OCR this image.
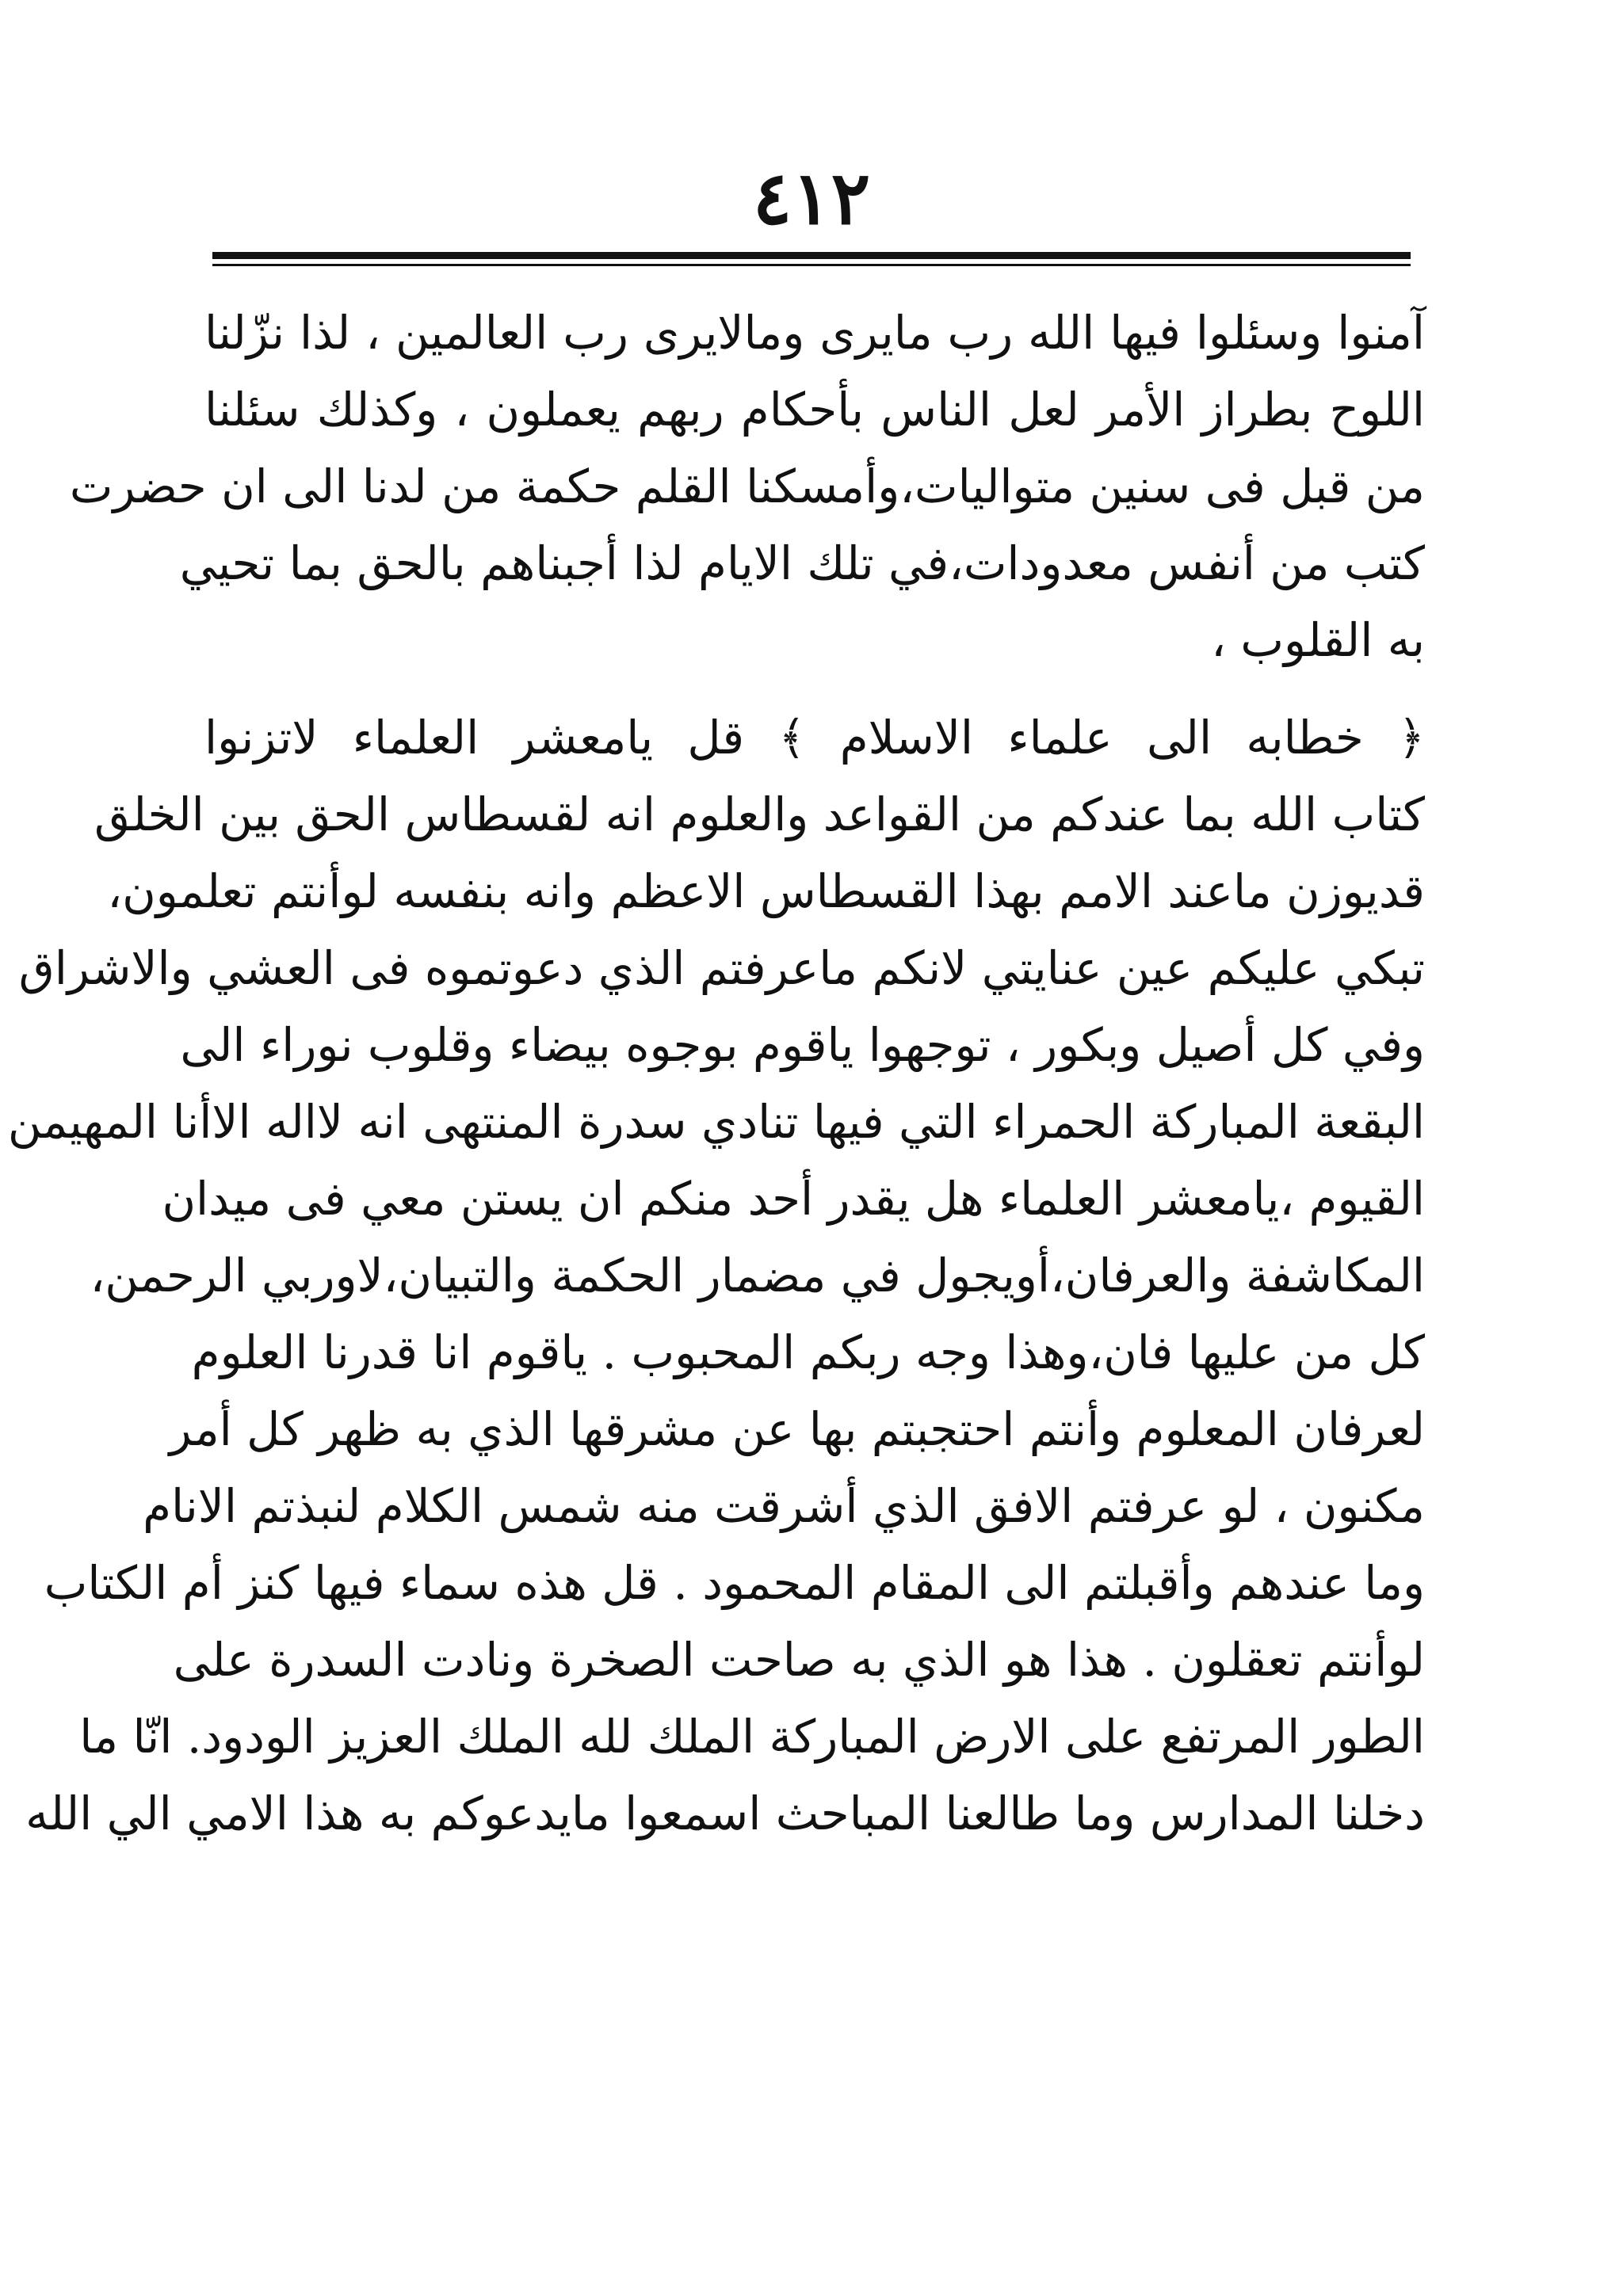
٤١٢
آمنوا وسئلوا فيها الله رب مايرى ومالايرى رب العالمين ، لذا نزّلنا
اللوح بطراز الأمر لعل الناس بأحكام ربهم يعملون ، وكذلك سئلنا
من قبل فى سنين متواليات،وأمسكنا القلم حكمة من لدنا الى ان حضرت
كتب من أنفس معدودات،في تلك الايام لذا أجبناهم بالحق بما تحيي
به القلوب ،
﴿ خطابه الى علماء الاسلام ﴾ قل يامعشر العلماء لاتزنوا
كتاب الله بما عندكم من القواعد والعلوم انه لقسطاس الحق بين الخلق
قديوزن ماعند الامم بهذا القسطاس الاعظم وانه بنفسه لوأنتم تعلمون،
تبكي عليكم عين عنايتي لانكم ماعرفتم الذي دعوتموه فى العشي والاشراق
وفي كل أصيل وبكور ، توجهوا ياقوم بوجوه بيضاء وقلوب نوراء الى
البقعة المباركة الحمراء التي فيها تنادي سدرة المنتهى انه لااله الاأنا المهيمن
القيوم ،يامعشر العلماء هل يقدر أحد منكم ان يستن معي فى ميدان
المكاشفة والعرفان،أويجول في مضمار الحكمة والتبيان،لاوربي الرحمن،
كل من عليها فان،وهذا وجه ربكم المحبوب . ياقوم انا قدرنا العلوم
لعرفان المعلوم وأنتم احتجبتم بها عن مشرقها الذي به ظهر كل أمر
مكنون ، لو عرفتم الافق الذي أشرقت منه شمس الكلام لنبذتم الانام
وما عندهم وأقبلتم الى المقام المحمود . قل هذه سماء فيها كنز أم الكتاب
لوأنتم تعقلون . هذا هو الذي به صاحت الصخرة ونادت السدرة على
الطور المرتفع على الارض المباركة الملك لله الملك العزيز الودود. انّا ما
دخلنا المدارس وما طالعنا المباحث اسمعوا مايدعوكم به هذا الامي الي الله
